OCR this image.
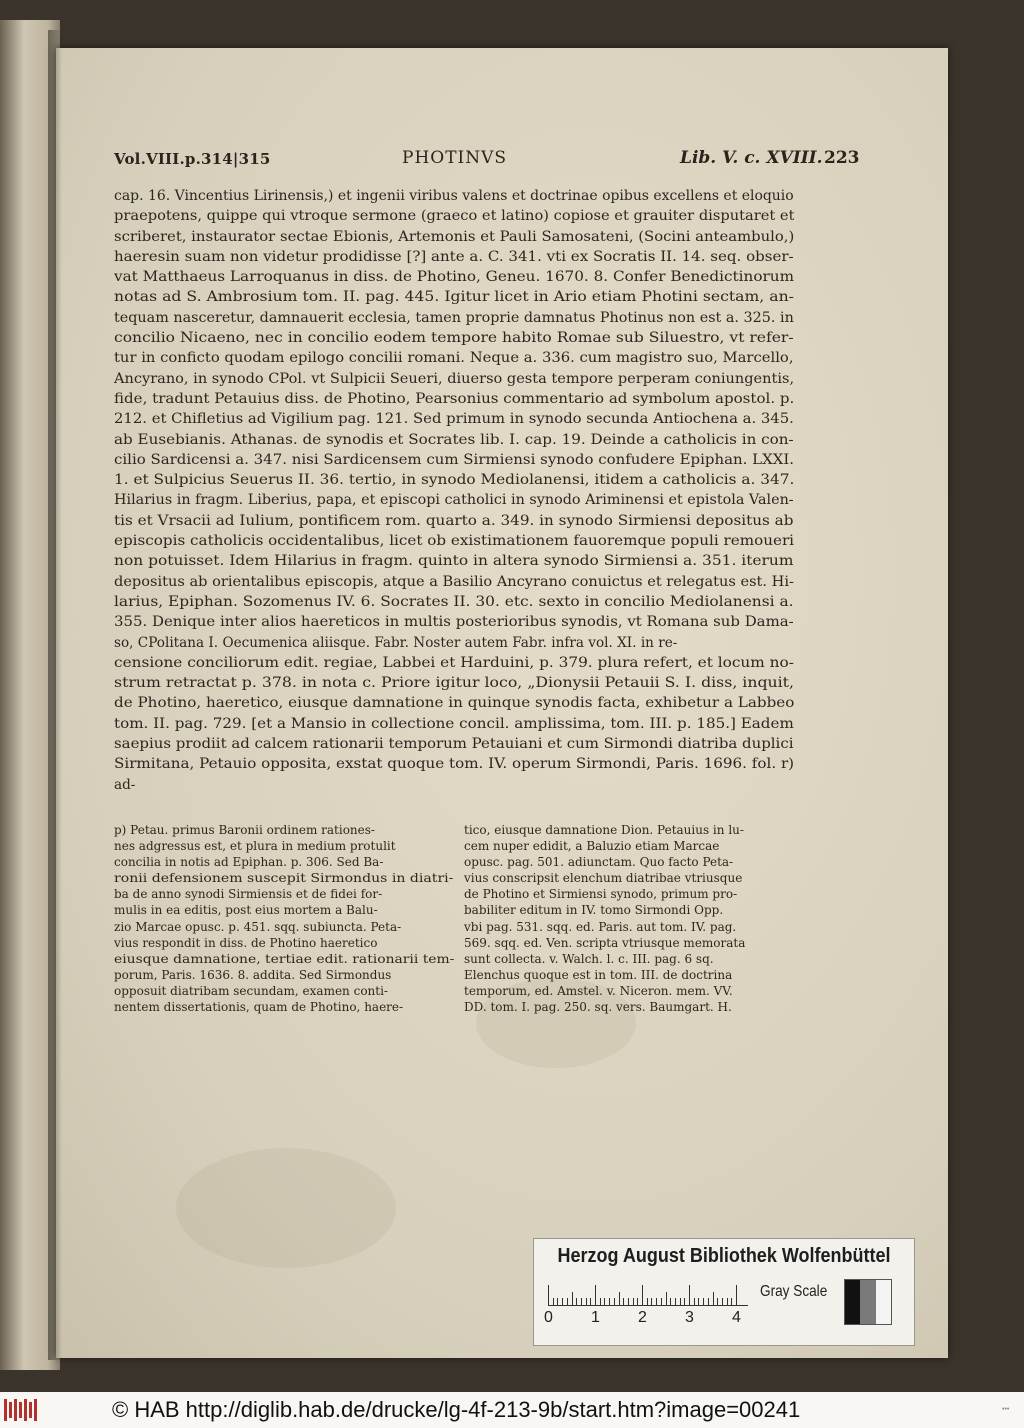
Vol.VIII.p.314|315	PHOTINVS	Lib. V. c. XVIII. 223
cap. 16. Vincentius Lirinensis,) et ingenii viribus valens et doctrinae opibus excellens et eloquio
praepotens, quippe qui vtroque sermone (graeco et latino) copiose et grauiter disputaret et
scriberet, instaurator sectae Ebionis, Artemonis et Pauli Samosateni, (Socini anteambulo,)
haeresin suam non videtur prodidisse [?] ante a. C. 341. vti ex Socratis II. 14. seq. obser-
vat Matthaeus Larroquanus in diss. de Photino, Geneu. 1670. 8. Confer Benedictinorum
notas ad S. Ambrosium tom. II. pag. 445. Igitur licet in Ario etiam Photini sectam, an-
tequam nasceretur, damnauerit ecclesia, tamen proprie damnatus Photinus non est a. 325. in
concilio Nicaeno, nec in concilio eodem tempore habito Romae sub Siluestro, vt refer-
tur in conficto quodam epilogo concilii romani. Neque a. 336. cum magistro suo, Marcello,
Ancyrano, in synodo CPol. vt Sulpicii Seueri, diuerso gesta tempore perperam coniungentis,
fide, tradunt Petauius diss. de Photino, Pearsonius commentario ad symbolum apostol. p.
212. et Chifletius ad Vigilium pag. 121. Sed primum in synodo secunda Antiochena a. 345.
ab Eusebianis. Athanas. de synodis et Socrates lib. I. cap. 19. Deinde a catholicis in con-
cilio Sardicensi a. 347. nisi Sardicensem cum Sirmiensi synodo confudere Epiphan. LXXI.
1. et Sulpicius Seuerus II. 36. tertio, in synodo Mediolanensi, itidem a catholicis a. 347.
Hilarius in fragm. Liberius, papa, et episcopi catholici in synodo Ariminensi et epistola Valen-
tis et Vrsacii ad Iulium, pontificem rom. quarto a. 349. in synodo Sirmiensi depositus ab
episcopis catholicis occidentalibus, licet ob existimationem fauoremque populi remoueri
non potuisset. Idem Hilarius in fragm. quinto in altera synodo Sirmiensi a. 351. iterum
depositus ab orientalibus episcopis, atque a Basilio Ancyrano conuictus et relegatus est. Hi-
larius, Epiphan. Sozomenus IV. 6. Socrates II. 30. etc. sexto in concilio Mediolanensi a.
355. Denique inter alios haereticos in multis posterioribus synodis, vt Romana sub Dama-
so, CPolitana I. Oecumenica aliisque. Fabr. Noster autem Fabr. infra vol. XI. in re-
censione conciliorum edit. regiae, Labbei et Harduini, p. 379. plura refert, et locum no-
strum retractat p. 378. in nota c. Priore igitur loco, „Dionysii Petauii S. I. diss, inquit,
de Photino, haeretico, eiusque damnatione in quinque synodis facta, exhibetur a Labbeo
tom. II. pag. 729. [et a Mansio in collectione concil. amplissima, tom. III. p. 185.] Eadem
saepius prodiit ad calcem rationarii temporum Petauiani et cum Sirmondi diatriba duplici
Sirmitana, Petauio opposita, exstat quoque tom. IV. operum Sirmondi, Paris. 1696. fol. r)
ad-
p) Petau. primus Baronii ordinem rationes-
nes adgressus est, et plura in medium protulit
concilia in notis ad Epiphan. p. 306. Sed Ba-
ronii defensionem suscepit Sirmondus in diatri-
ba de anno synodi Sirmiensis et de fidei for-
mulis in ea editis, post eius mortem a Balu-
zio Marcae opusc. p. 451. sqq. subiuncta. Peta-
vius respondit in diss. de Photino haeretico
eiusque damnatione, tertiae edit. rationarii tem-
porum, Paris. 1636. 8. addita. Sed Sirmondus
opposuit diatribam secundam, examen conti-
nentem dissertationis, quam de Photino, haere-
tico, eiusque damnatione Dion. Petauius in lu-
cem nuper edidit, a Baluzio etiam Marcae
opusc. pag. 501. adiunctam. Quo facto Peta-
vius conscripsit elenchum diatribae vtriusque
de Photino et Sirmiensi synodo, primum pro-
babiliter editum in IV. tomo Sirmondi Opp.
vbi pag. 531. sqq. ed. Paris. aut tom. IV. pag.
569. sqq. ed. Ven. scripta vtriusque memorata
sunt collecta. v. Walch. l. c. III. pag. 6 sq.
Elenchus quoque est in tom. III. de doctrina
temporum, ed. Amstel. v. Niceron. mem. VV.
DD. tom. I. pag. 250. sq. vers. Baumgart. H.
Herzog August Bibliothek Wolfenbüttel
0 1 2 3 4
Gray Scale
© HAB http://diglib.hab.de/drucke/lg-4f-213-9b/start.htm?image=00241	•••
